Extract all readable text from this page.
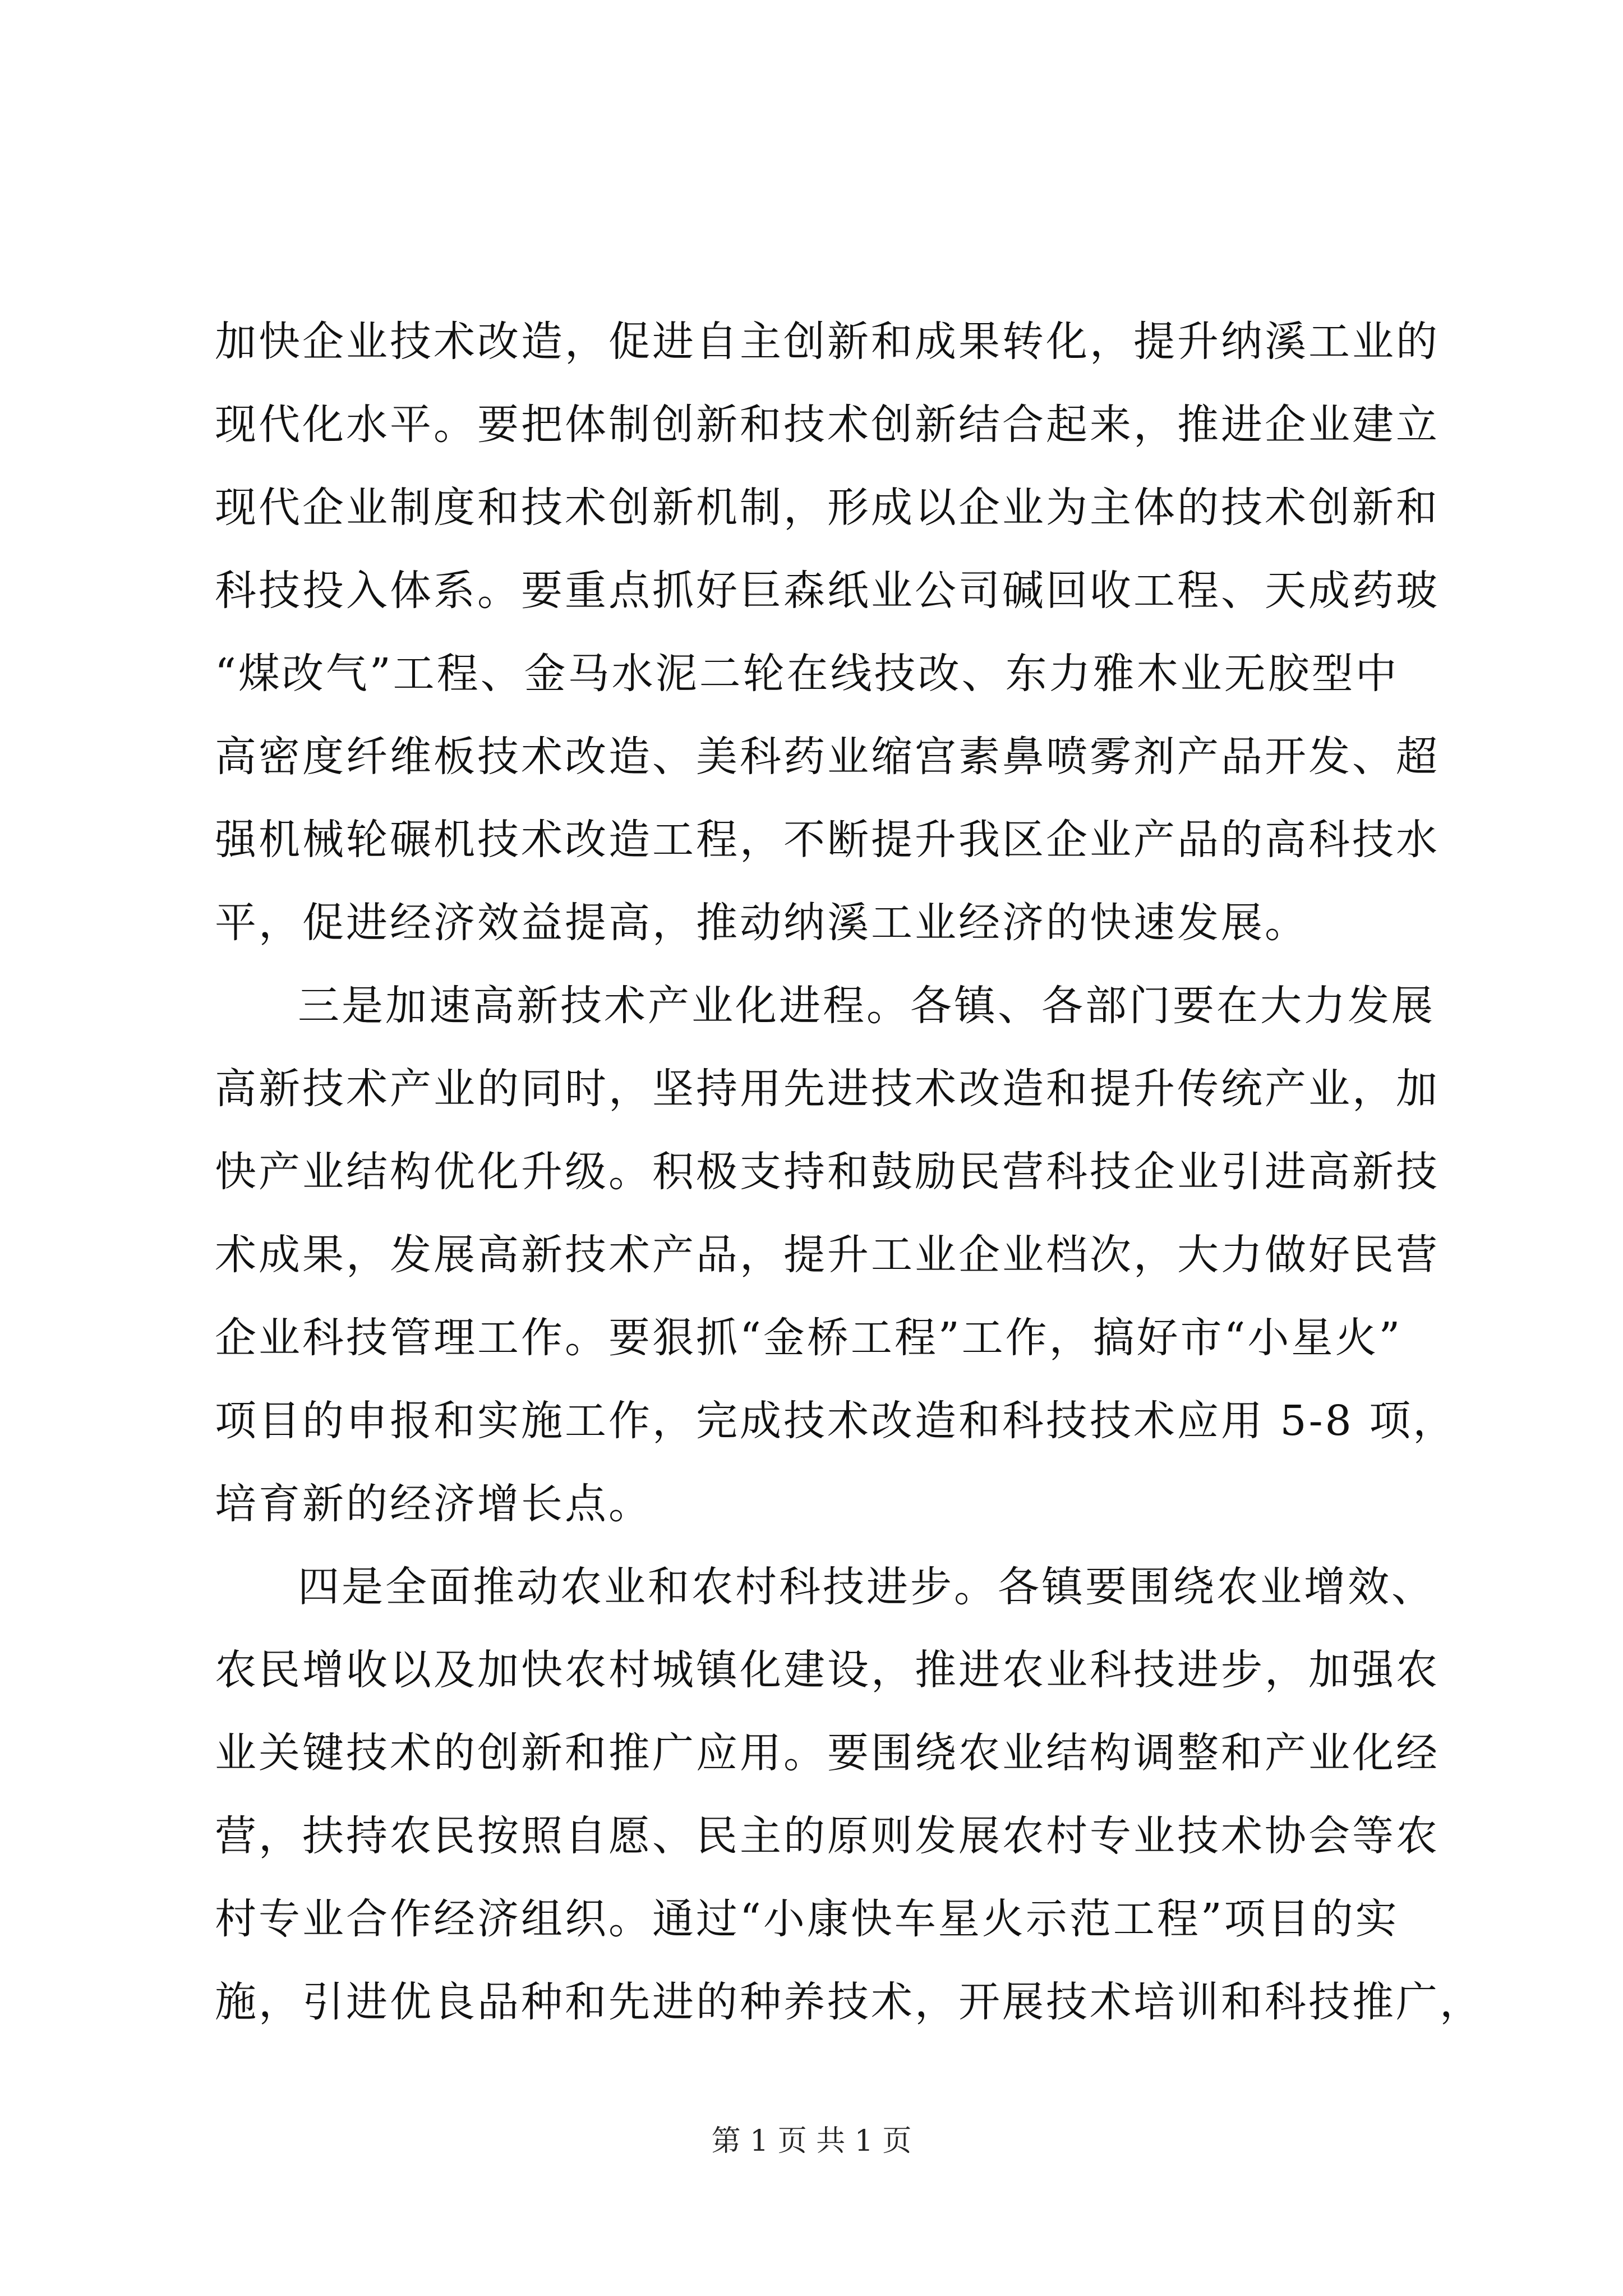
加快企业技术改造，促进自主创新和成果转化，提升纳溪工业的
现代化水平。要把体制创新和技术创新结合起来，推进企业建立
现代企业制度和技术创新机制，形成以企业为主体的技术创新和
科技投入体系。要重点抓好巨森纸业公司碱回收工程、天成药玻
“煤改气”工程、金马水泥二轮在线技改、东力雅木业无胶型中
高密度纤维板技术改造、美科药业缩宫素鼻喷雾剂产品开发、超
强机械轮碾机技术改造工程，不断提升我区企业产品的高科技水
平，促进经济效益提高，推动纳溪工业经济的快速发展。
三是加速高新技术产业化进程。各镇、各部门要在大力发展
高新技术产业的同时，坚持用先进技术改造和提升传统产业，加
快产业结构优化升级。积极支持和鼓励民营科技企业引进高新技
术成果，发展高新技术产品，提升工业企业档次，大力做好民营
企业科技管理工作。要狠抓“金桥工程”工作，搞好市“小星火”
项目的申报和实施工作，完成技术改造和科技技术应用 5-8 项，
培育新的经济增长点。
四是全面推动农业和农村科技进步。各镇要围绕农业增效、
农民增收以及加快农村城镇化建设，推进农业科技进步，加强农
业关键技术的创新和推广应用。要围绕农业结构调整和产业化经
营，扶持农民按照自愿、民主的原则发展农村专业技术协会等农
村专业合作经济组织。通过“小康快车星火示范工程”项目的实
施，引进优良品种和先进的种养技术，开展技术培训和科技推广，
第 1 页 共 1 页
